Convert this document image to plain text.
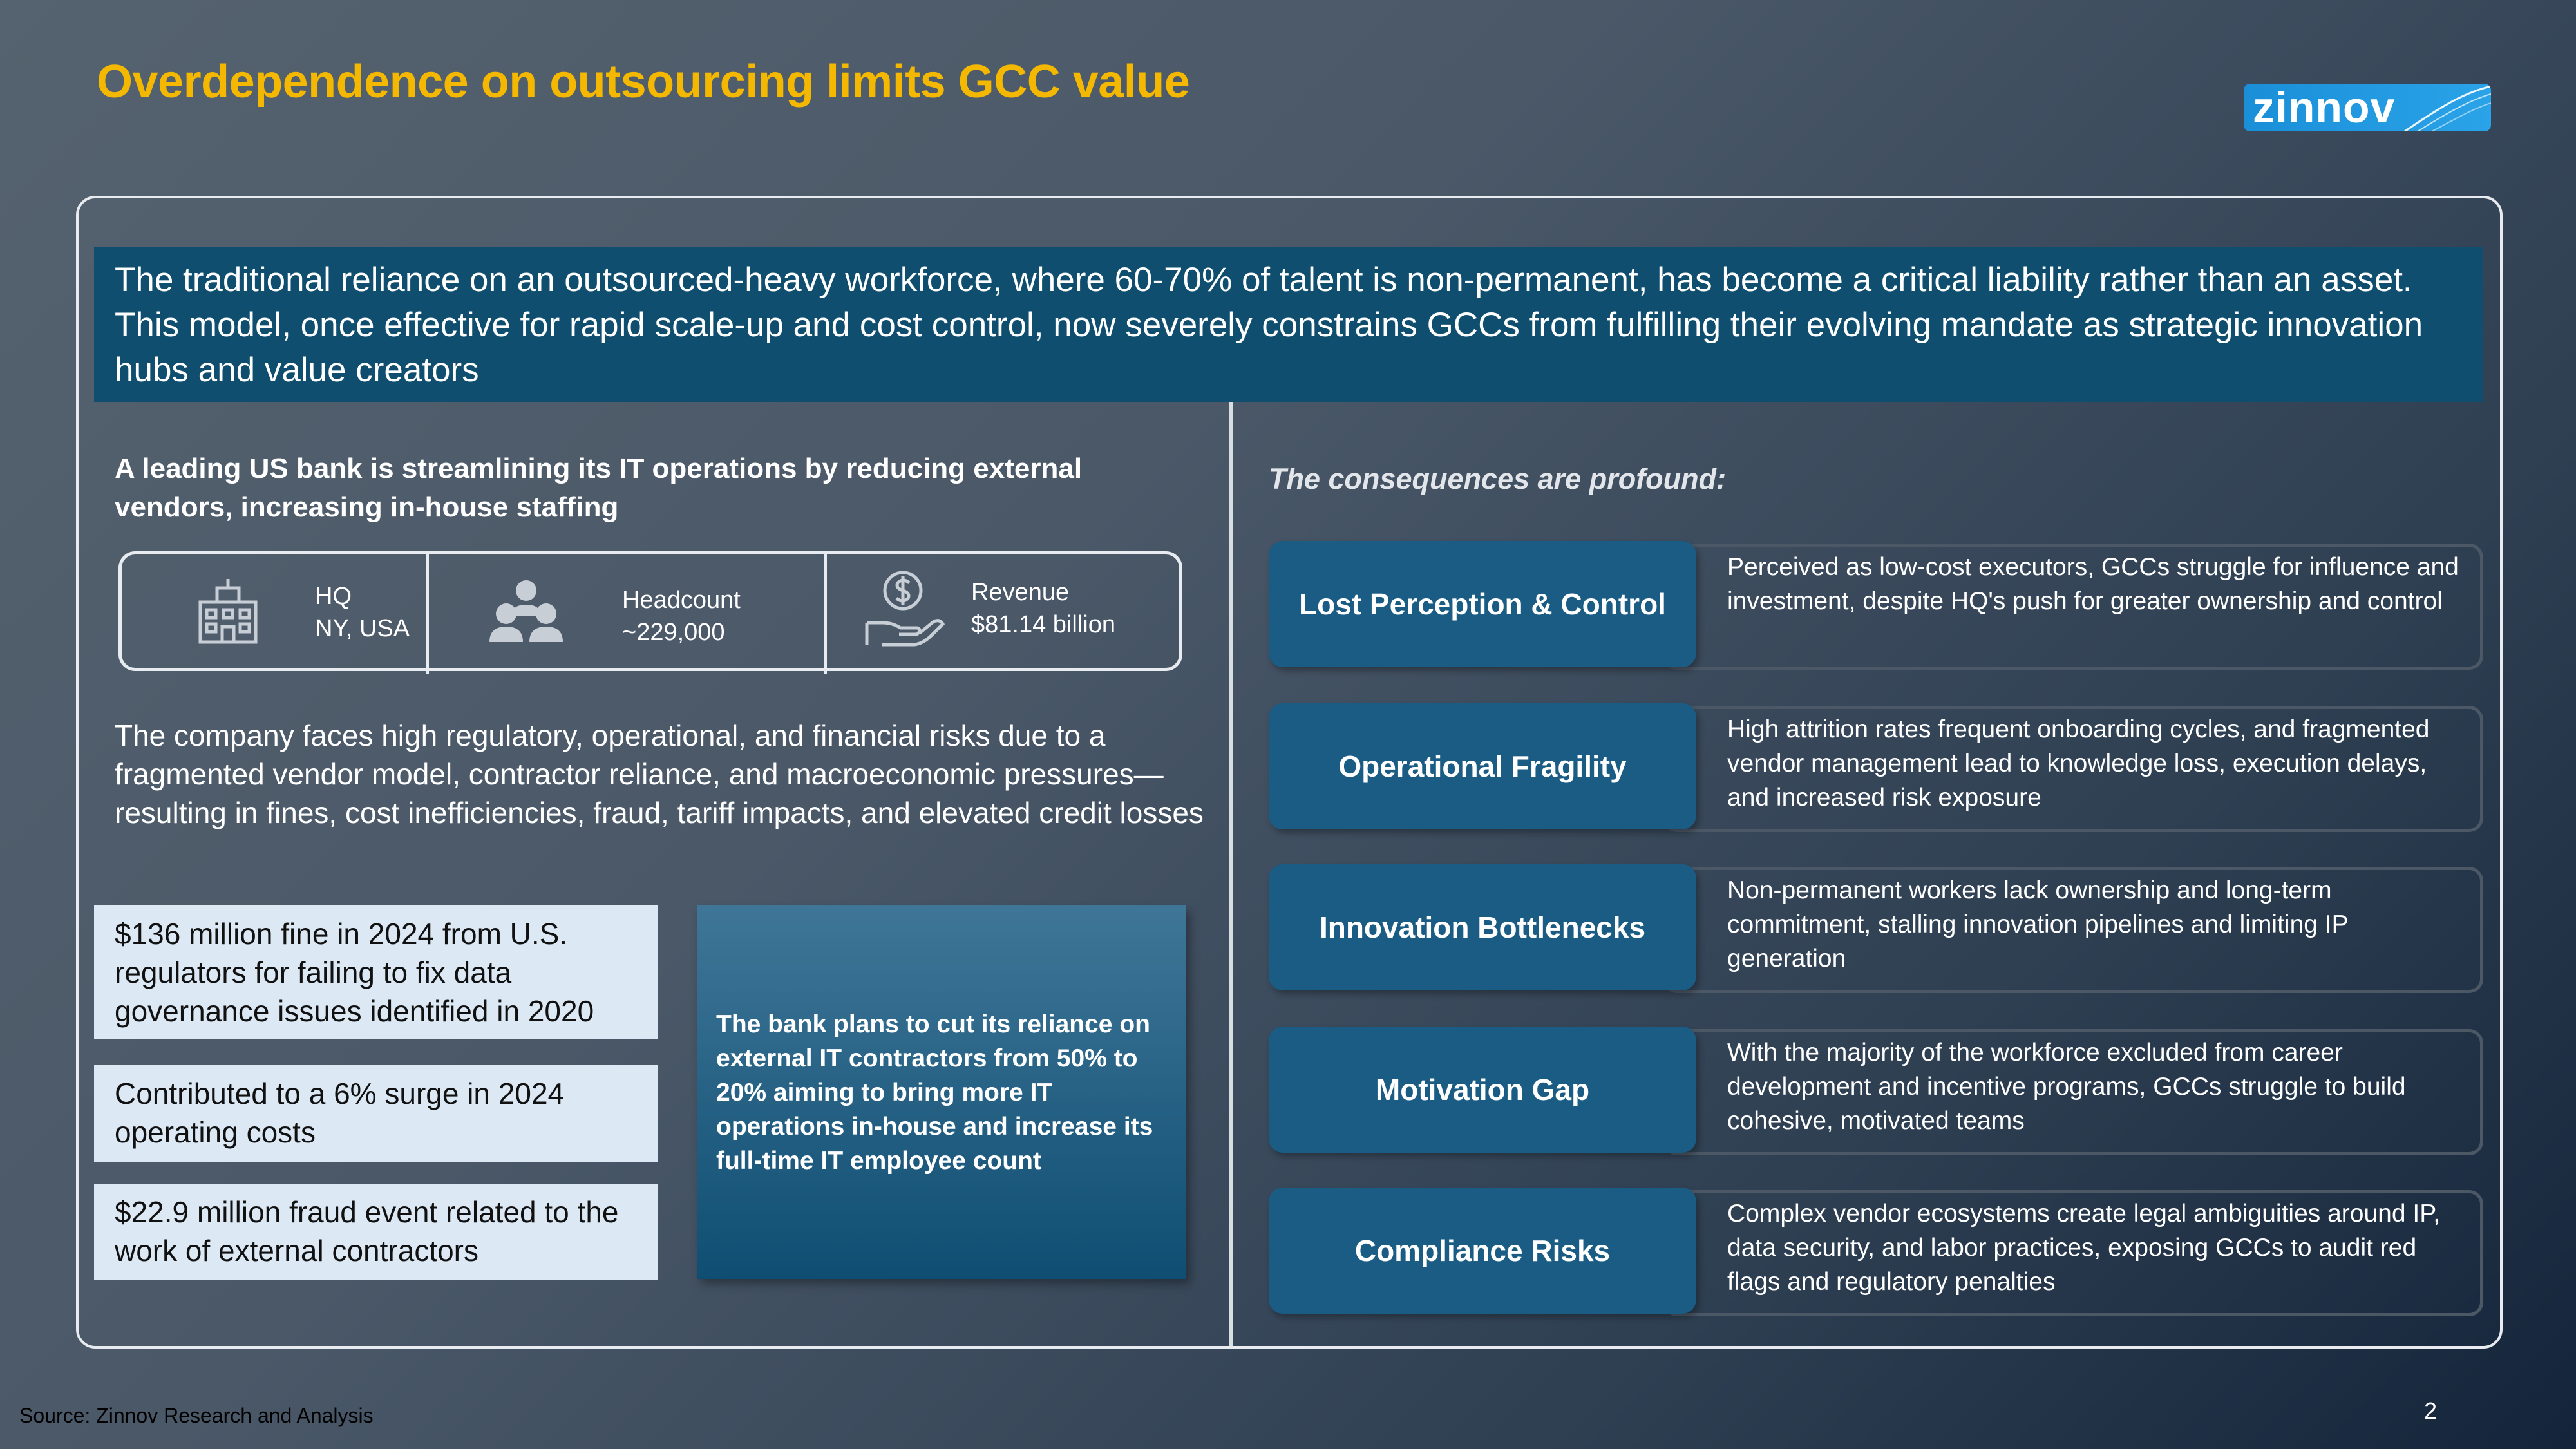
Overdependence on outsourcing limits GCC value	zinnov
The traditional reliance on an outsourced-heavy workforce, where 60-70% of talent is non-permanent, has become a critical liability rather than an asset. This model, once effective for rapid scale-up and cost control, now severely constrains GCCs from fulfilling their evolving mandate as strategic innovation hubs and value creators
A leading US bank is streamlining its IT operations by reducing external vendors, increasing in-house staffing
HQ
NY, USA
Headcount
~229,000
Revenue
$81.14 billion
The company faces high regulatory, operational, and financial risks due to a fragmented vendor model, contractor reliance, and macroeconomic pressures— resulting in fines, cost inefficiencies, fraud, tariff impacts, and elevated credit losses
$136 million fine in 2024 from U.S. regulators for failing to fix data governance issues identified in 2020
Contributed to a 6% surge in 2024 operating costs
$22.9 million fraud event related to the work of external contractors
The bank plans to cut its reliance on external IT contractors from 50% to 20% aiming to bring more IT operations in-house and increase its full-time IT employee count
The consequences are profound:
Perceived as low-cost executors, GCCs struggle for influence and investment, despite HQ's push for greater ownership and control
Lost Perception & Control
High attrition rates frequent onboarding cycles, and fragmented vendor management lead to knowledge loss, execution delays, and increased risk exposure
Operational Fragility
Non-permanent workers lack ownership and long-term commitment, stalling innovation pipelines and limiting IP generation
Innovation Bottlenecks
With the majority of the workforce excluded from career development and incentive programs, GCCs struggle to build cohesive, motivated teams
Motivation Gap
Complex vendor ecosystems create legal ambiguities around IP, data security, and labor practices, exposing GCCs to audit red flags and regulatory penalties
Compliance Risks
Source: Zinnov Research and Analysis	2
